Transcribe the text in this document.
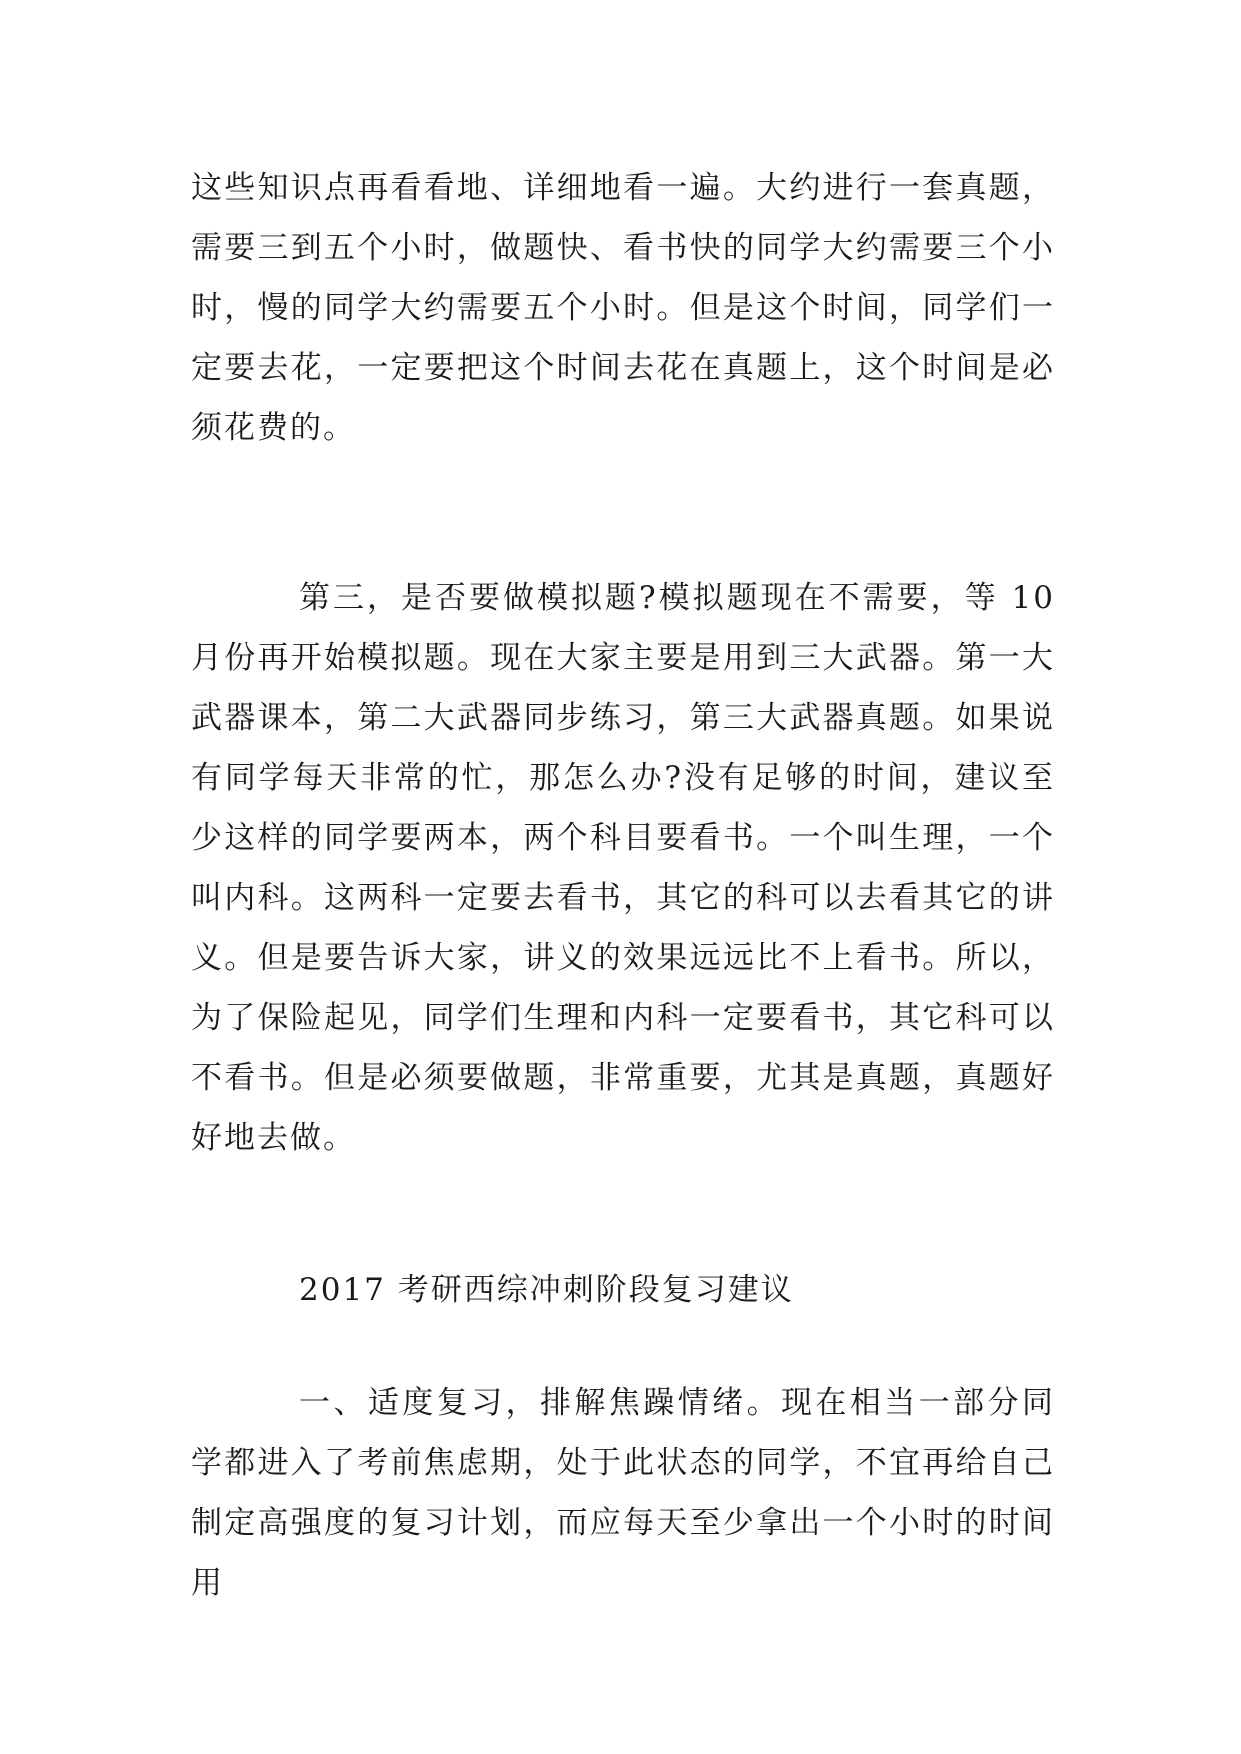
这些知识点再看看地、详细地看一遍。大约进行一套真题，需要三到五个小时，做题快、看书快的同学大约需要三个小时，慢的同学大约需要五个小时。但是这个时间，同学们一定要去花，一定要把这个时间去花在真题上，这个时间是必须花费的。

第三，是否要做模拟题?模拟题现在不需要，等 10 月份再开始模拟题。现在大家主要是用到三大武器。第一大武器课本，第二大武器同步练习，第三大武器真题。如果说有同学每天非常的忙，那怎么办?没有足够的时间，建议至少这样的同学要两本，两个科目要看书。一个叫生理，一个叫内科。这两科一定要去看书，其它的科可以去看其它的讲义。但是要告诉大家，讲义的效果远远比不上看书。所以，为了保险起见，同学们生理和内科一定要看书，其它科可以不看书。但是必须要做题，非常重要，尤其是真题，真题好好地去做。

2017 考研西综冲刺阶段复习建议

一、适度复习，排解焦躁情绪。现在相当一部分同学都进入了考前焦虑期，处于此状态的同学，不宜再给自己制定高强度的复习计划，而应每天至少拿出一个小时的时间用
